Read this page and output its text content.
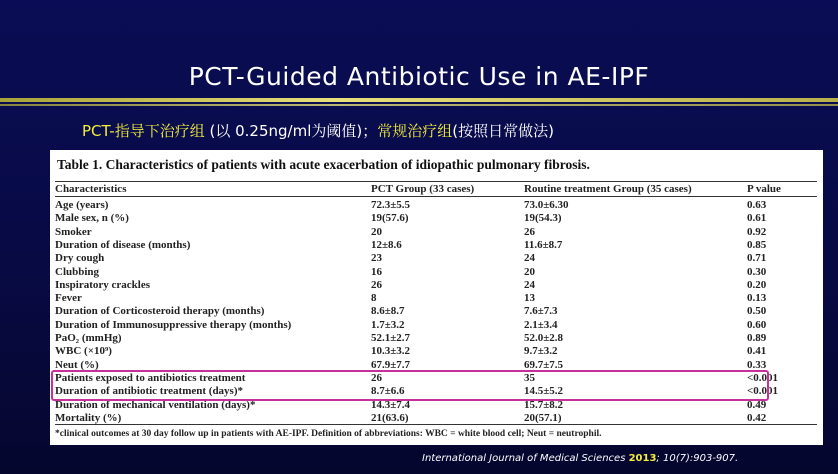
PCT-Guided Antibiotic Use in AE-IPF
PCT-指导下治疗组 (以 0.25ng/ml为阈值)；常规治疗组(按照日常做法)
Table 1. Characteristics of patients with acute exacerbation of idiopathic pulmonary fibrosis.
Characteristics	PCT Group (33 cases)	Routine treatment Group (35 cases)	P value
Age (years)	72.3±5.5	73.0±6.30	0.63
Male sex, n (%)	19(57.6)	19(54.3)	0.61
Smoker	20	26	0.92
Duration of disease (months)	12±8.6	11.6±8.7	0.85
Dry cough	23	24	0.71
Clubbing	16	20	0.30
Inspiratory crackles	26	24	0.20
Fever	8	13	0.13
Duration of Corticosteroid therapy (months)	8.6±8.7	7.6±7.3	0.50
Duration of Immunosuppressive therapy (months)	1.7±3.2	2.1±3.4	0.60
PaO₂ (mmHg)	52.1±2.7	52.0±2.8	0.89
WBC (×10⁹)	10.3±3.2	9.7±3.2	0.41
Neut (%)	67.9±7.7	69.7±7.5	0.33
Patients exposed to antibiotics treatment	26	35	<0.001
Duration of antibiotic treatment (days)*	8.7±6.6	14.5±5.2	<0.001
Duration of mechanical ventilation (days)*	14.3±7.4	15.7±8.2	0.49
Mortality (%)	21(63.6)	20(57.1)	0.42
*clinical outcomes at 30 day follow up in patients with AE-IPF. Definition of abbreviations: WBC = white blood cell; Neut = neutrophil.
International Journal of Medical Sciences 2013; 10(7):903-907.
